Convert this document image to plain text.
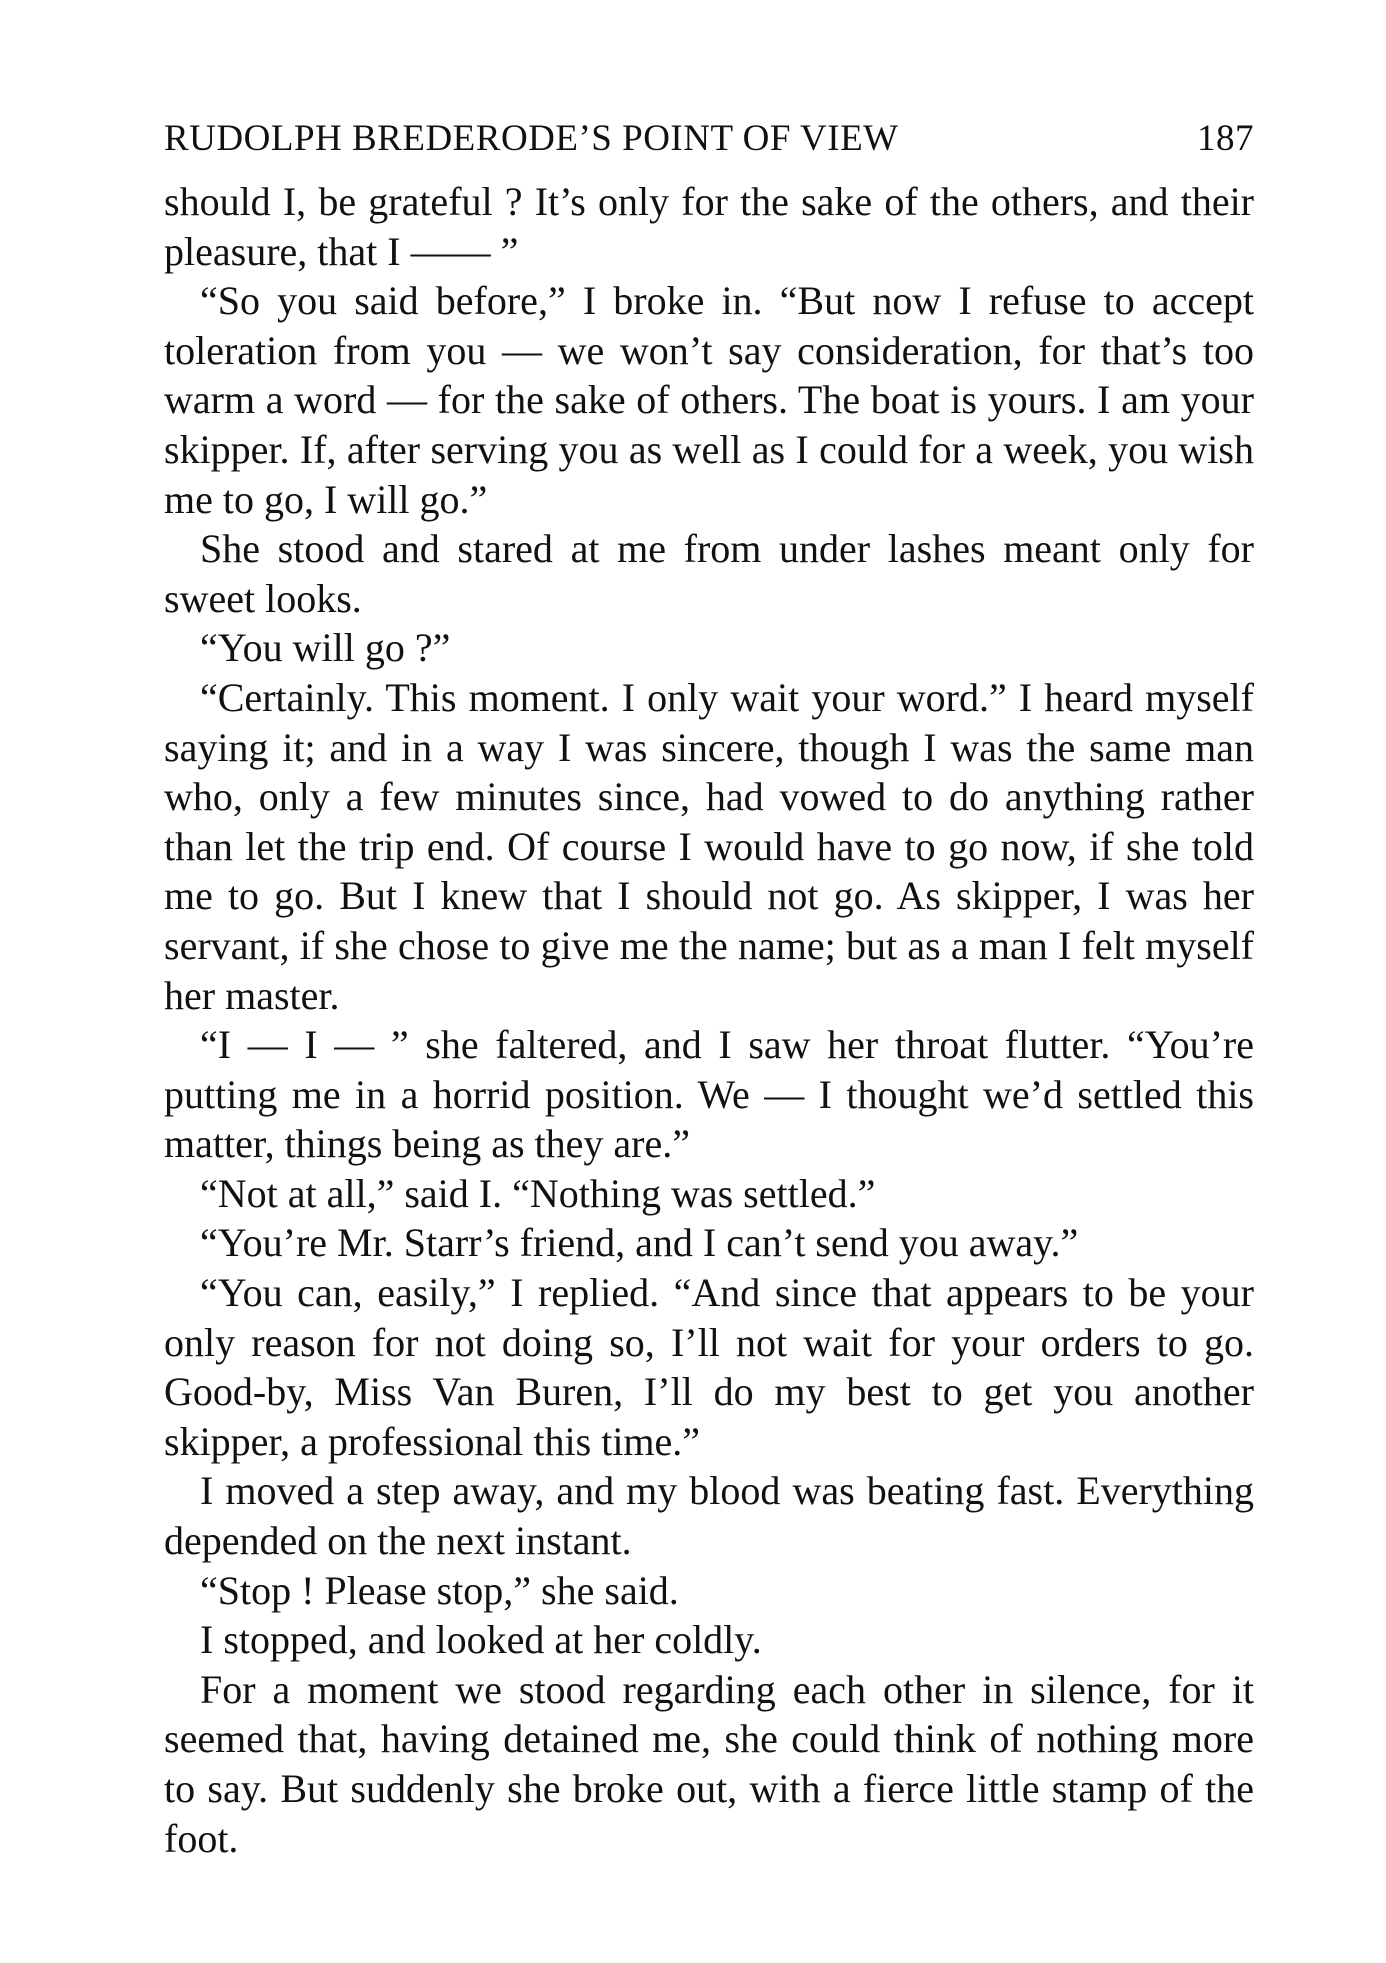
RUDOLPH BREDERODE’S POINT OF VIEW	187

should I, be grateful ? It’s only for the sake of the others, and their pleasure, that I —— ”

“So you said before,” I broke in. “But now I refuse to accept toleration from you — we won’t say consideration, for that’s too warm a word — for the sake of others. The boat is yours. I am your skipper. If, after serving you as well as I could for a week, you wish me to go, I will go.”

She stood and stared at me from under lashes meant only for sweet looks.

“You will go ?”

“Certainly. This moment. I only wait your word.” I heard myself saying it; and in a way I was sincere, though I was the same man who, only a few minutes since, had vowed to do anything rather than let the trip end. Of course I would have to go now, if she told me to go. But I knew that I should not go. As skipper, I was her servant, if she chose to give me the name; but as a man I felt myself her master.

“I — I — ” she faltered, and I saw her throat flutter. “You’re putting me in a horrid position. We — I thought we’d settled this matter, things being as they are.”

“Not at all,” said I. “Nothing was settled.”

“You’re Mr. Starr’s friend, and I can’t send you away.”

“You can, easily,” I replied. “And since that appears to be your only reason for not doing so, I’ll not wait for your orders to go. Good-by, Miss Van Buren, I’ll do my best to get you another skipper, a professional this time.”

I moved a step away, and my blood was beating fast. Everything depended on the next instant.

“Stop ! Please stop,” she said.

I stopped, and looked at her coldly.

For a moment we stood regarding each other in silence, for it seemed that, having detained me, she could think of nothing more to say. But suddenly she broke out, with a fierce little stamp of the foot.
